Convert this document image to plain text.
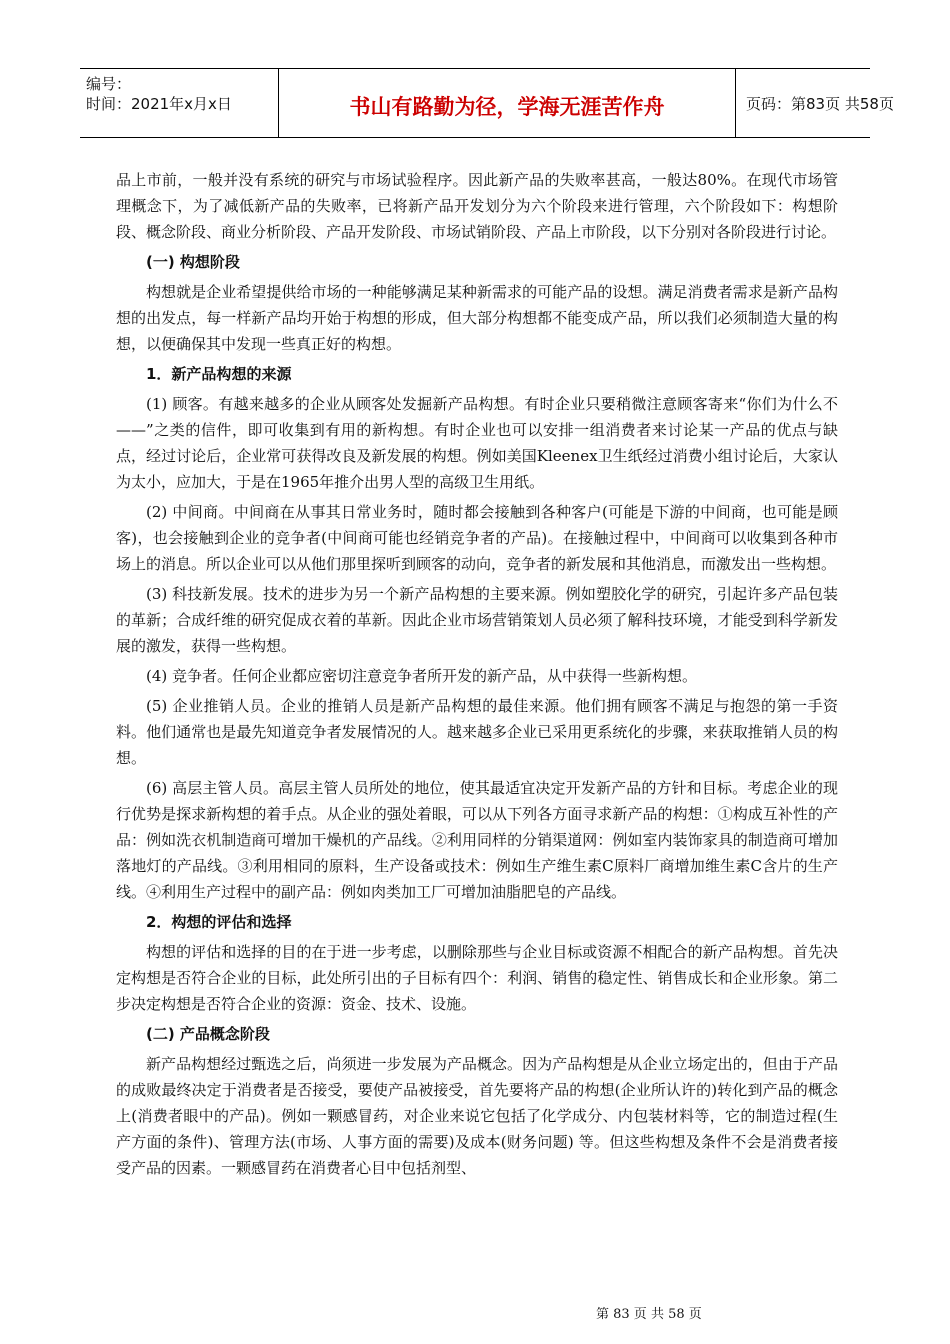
编号：
时间：2021年x月x日	书山有路勤为径，学海无涯苦作舟	页码：第83页 共58页

品上市前，一般并没有系统的研究与市场试验程序。因此新产品的失败率甚高，一般达80%。在现代市场管理概念下，为了减低新产品的失败率，已将新产品开发划分为六个阶段来进行管理，六个阶段如下：构想阶段、概念阶段、商业分析阶段、产品开发阶段、市场试销阶段、产品上市阶段，以下分别对各阶段进行讨论。

(一) 构想阶段

构想就是企业希望提供给市场的一种能够满足某种新需求的可能产品的设想。满足消费者需求是新产品构想的出发点，每一样新产品均开始于构想的形成，但大部分构想都不能变成产品，所以我们必须制造大量的构想，以便确保其中发现一些真正好的构想。

1．新产品构想的来源

(1) 顾客。有越来越多的企业从顾客处发掘新产品构想。有时企业只要稍微注意顾客寄来“你们为什么不——”之类的信件，即可收集到有用的新构想。有时企业也可以安排一组消费者来讨论某一产品的优点与缺点，经过讨论后，企业常可获得改良及新发展的构想。例如美国Kleenex卫生纸经过消费小组讨论后，大家认为太小，应加大，于是在1965年推介出男人型的高级卫生用纸。

(2) 中间商。中间商在从事其日常业务时，随时都会接触到各种客户(可能是下游的中间商，也可能是顾客)，也会接触到企业的竞争者(中间商可能也经销竞争者的产品)。在接触过程中，中间商可以收集到各种市场上的消息。所以企业可以从他们那里探听到顾客的动向，竞争者的新发展和其他消息，而激发出一些构想。

(3) 科技新发展。技术的进步为另一个新产品构想的主要来源。例如塑胶化学的研究，引起许多产品包装的革新；合成纤维的研究促成衣着的革新。因此企业市场营销策划人员必须了解科技环境，才能受到科学新发展的激发，获得一些构想。

(4) 竞争者。任何企业都应密切注意竞争者所开发的新产品，从中获得一些新构想。

(5) 企业推销人员。企业的推销人员是新产品构想的最佳来源。他们拥有顾客不满足与抱怨的第一手资料。他们通常也是最先知道竞争者发展情况的人。越来越多企业已采用更系统化的步骤，来获取推销人员的构想。

(6) 高层主管人员。高层主管人员所处的地位，使其最适宜决定开发新产品的方针和目标。考虑企业的现行优势是探求新构想的着手点。从企业的强处着眼，可以从下列各方面寻求新产品的构想：①构成互补性的产品：例如洗衣机制造商可增加干燥机的产品线。②利用同样的分销渠道网：例如室内装饰家具的制造商可增加落地灯的产品线。③利用相同的原料，生产设备或技术：例如生产维生素C原料厂商增加维生素C含片的生产线。④利用生产过程中的副产品：例如肉类加工厂可增加油脂肥皂的产品线。

2．构想的评估和选择

构想的评估和选择的目的在于进一步考虑，以删除那些与企业目标或资源不相配合的新产品构想。首先决定构想是否符合企业的目标，此处所引出的子目标有四个：利润、销售的稳定性、销售成长和企业形象。第二步决定构想是否符合企业的资源：资金、技术、设施。

(二) 产品概念阶段

新产品构想经过甄选之后，尚须进一步发展为产品概念。因为产品构想是从企业立场定出的，但由于产品的成败最终决定于消费者是否接受，要使产品被接受，首先要将产品的构想(企业所认许的)转化到产品的概念上(消费者眼中的产品)。例如一颗感冒药，对企业来说它包括了化学成分、内包装材料等，它的制造过程(生产方面的条件)、管理方法(市场、人事方面的需要)及成本(财务问题) 等。但这些构想及条件不会是消费者接受产品的因素。一颗感冒药在消费者心目中包括剂型、

第 83 页 共 58 页
